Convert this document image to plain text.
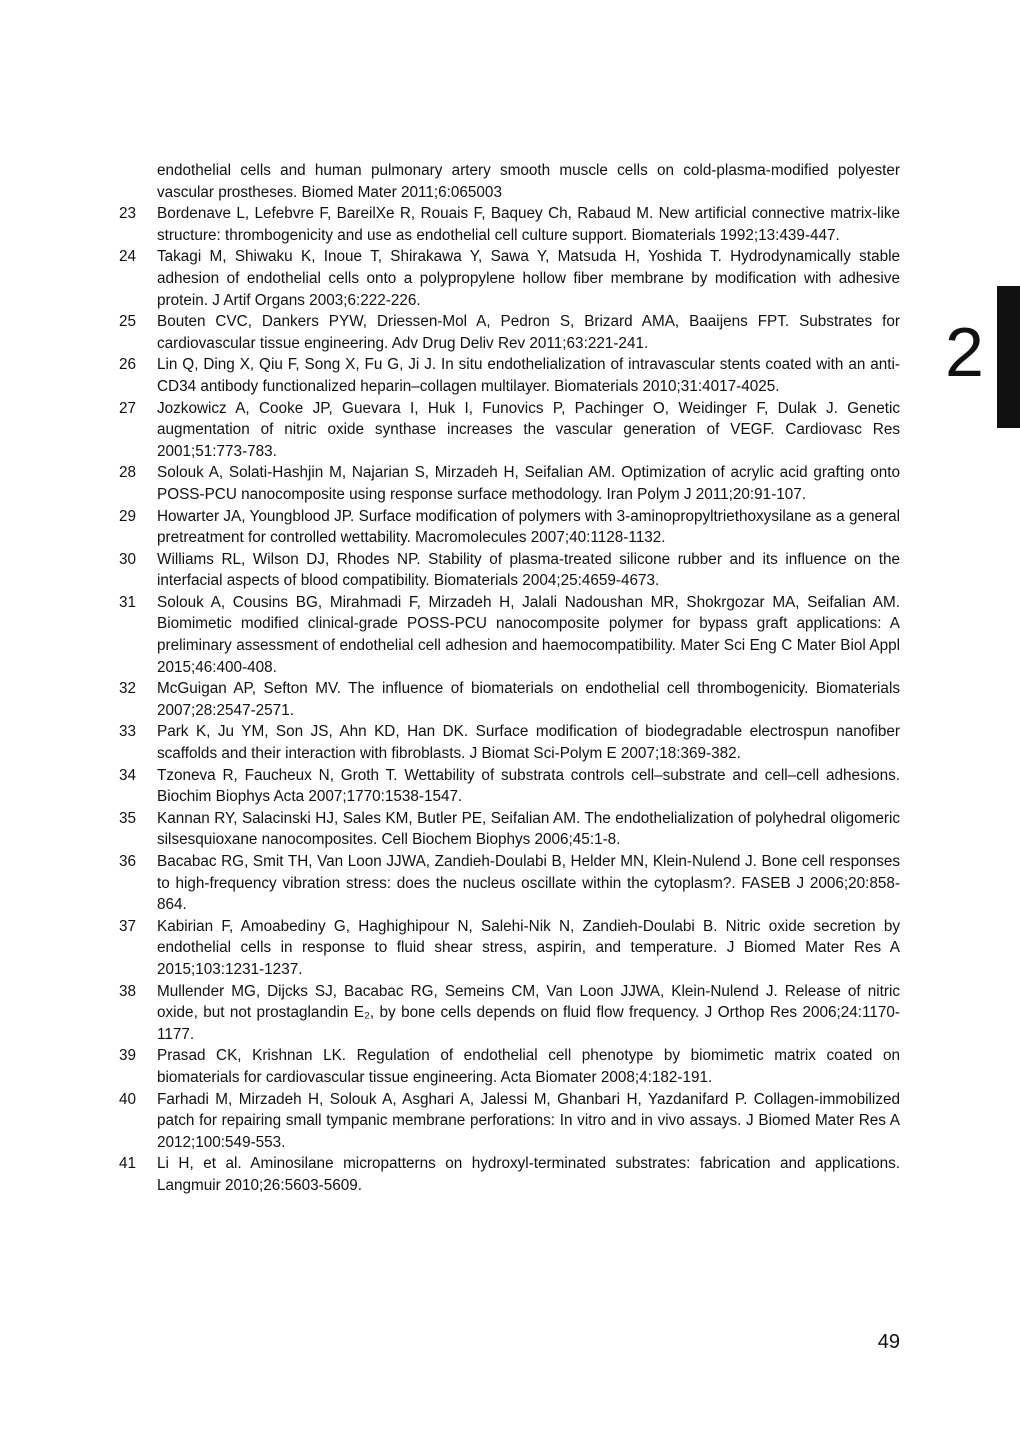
endothelial cells and human pulmonary artery smooth muscle cells on cold-plasma-modified polyester vascular prostheses. Biomed Mater 2011;6:065003

23 Bordenave L, Lefebvre F, BareilXe R, Rouais F, Baquey Ch, Rabaud M. New artificial connective matrix-like structure: thrombogenicity and use as endothelial cell culture support. Biomaterials 1992;13:439-447.

24 Takagi M, Shiwaku K, Inoue T, Shirakawa Y, Sawa Y, Matsuda H, Yoshida T. Hydrodynamically stable adhesion of endothelial cells onto a polypropylene hollow fiber membrane by modification with adhesive protein. J Artif Organs 2003;6:222-226.

25 Bouten CVC, Dankers PYW, Driessen-Mol A, Pedron S, Brizard AMA, Baaijens FPT. Substrates for cardiovascular tissue engineering. Adv Drug Deliv Rev 2011;63:221-241.

26 Lin Q, Ding X, Qiu F, Song X, Fu G, Ji J. In situ endothelialization of intravascular stents coated with an anti-CD34 antibody functionalized heparin–collagen multilayer. Biomaterials 2010;31:4017-4025.

27 Jozkowicz A, Cooke JP, Guevara I, Huk I, Funovics P, Pachinger O, Weidinger F, Dulak J. Genetic augmentation of nitric oxide synthase increases the vascular generation of VEGF. Cardiovasc Res 2001;51:773-783.

28 Solouk A, Solati-Hashjin M, Najarian S, Mirzadeh H, Seifalian AM. Optimization of acrylic acid grafting onto POSS-PCU nanocomposite using response surface methodology. Iran Polym J 2011;20:91-107.

29 Howarter JA, Youngblood JP. Surface modification of polymers with 3-aminopropyltriethoxysilane as a general pretreatment for controlled wettability. Macromolecules 2007;40:1128-1132.

30 Williams RL, Wilson DJ, Rhodes NP. Stability of plasma-treated silicone rubber and its influence on the interfacial aspects of blood compatibility. Biomaterials 2004;25:4659-4673.

31 Solouk A, Cousins BG, Mirahmadi F, Mirzadeh H, Jalali Nadoushan MR, Shokrgozar MA, Seifalian AM. Biomimetic modified clinical-grade POSS-PCU nanocomposite polymer for bypass graft applications: A preliminary assessment of endothelial cell adhesion and haemocompatibility. Mater Sci Eng C Mater Biol Appl 2015;46:400-408.

32 McGuigan AP, Sefton MV. The influence of biomaterials on endothelial cell thrombogenicity. Biomaterials 2007;28:2547-2571.

33 Park K, Ju YM, Son JS, Ahn KD, Han DK. Surface modification of biodegradable electrospun nanofiber scaffolds and their interaction with fibroblasts. J Biomat Sci-Polym E 2007;18:369-382.

34 Tzoneva R, Faucheux N, Groth T. Wettability of substrata controls cell–substrate and cell–cell adhesions. Biochim Biophys Acta 2007;1770:1538-1547.

35 Kannan RY, Salacinski HJ, Sales KM, Butler PE, Seifalian AM. The endothelialization of polyhedral oligomeric silsesquioxane nanocomposites. Cell Biochem Biophys 2006;45:1-8.

36 Bacabac RG, Smit TH, Van Loon JJWA, Zandieh-Doulabi B, Helder MN, Klein-Nulend J. Bone cell responses to high-frequency vibration stress: does the nucleus oscillate within the cytoplasm?. FASEB J 2006;20:858-864.

37 Kabirian F, Amoabediny G, Haghighipour N, Salehi-Nik N, Zandieh-Doulabi B. Nitric oxide secretion by endothelial cells in response to fluid shear stress, aspirin, and temperature. J Biomed Mater Res A 2015;103:1231-1237.

38 Mullender MG, Dijcks SJ, Bacabac RG, Semeins CM, Van Loon JJWA, Klein-Nulend J. Release of nitric oxide, but not prostaglandin E₂, by bone cells depends on fluid flow frequency. J Orthop Res 2006;24:1170-1177.

39 Prasad CK, Krishnan LK. Regulation of endothelial cell phenotype by biomimetic matrix coated on biomaterials for cardiovascular tissue engineering. Acta Biomater 2008;4:182-191.

40 Farhadi M, Mirzadeh H, Solouk A, Asghari A, Jalessi M, Ghanbari H, Yazdanifard P. Collagen-immobilized patch for repairing small tympanic membrane perforations: In vitro and in vivo assays. J Biomed Mater Res A 2012;100:549-553.

41 Li H, et al. Aminosilane micropatterns on hydroxyl-terminated substrates: fabrication and applications. Langmuir 2010;26:5603-5609.

2
49
